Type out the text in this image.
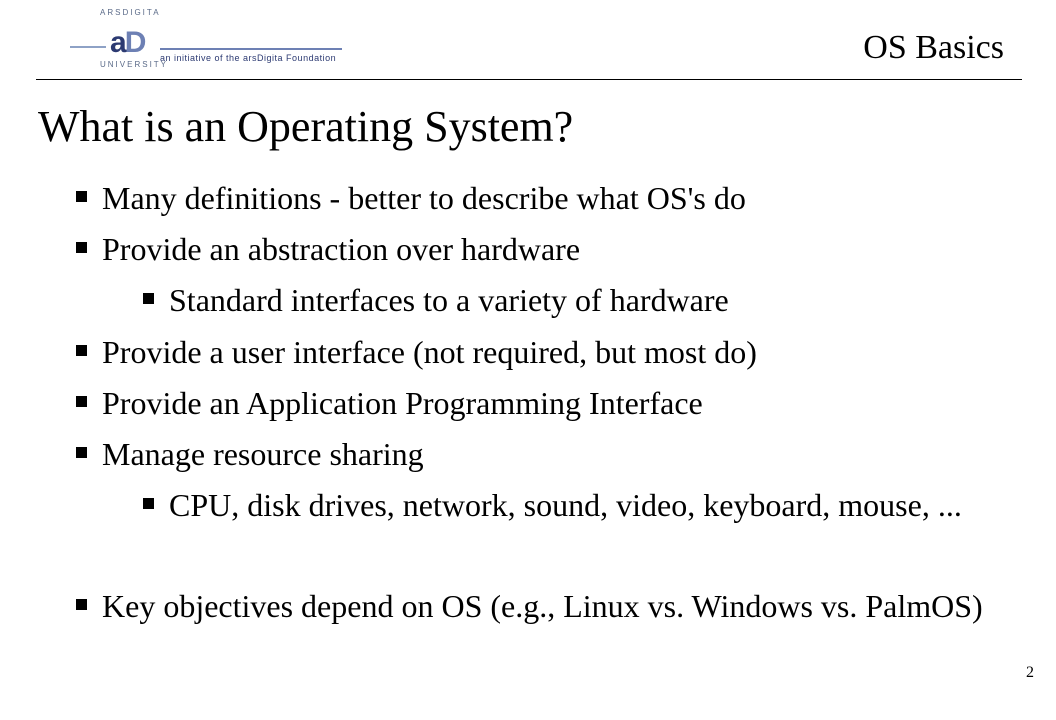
ARSDIGITA
aD an initiative of the arsDigita Foundation
UNIVERSITY	OS Basics
What is an Operating System?
Many definitions - better to describe what OS's do
Provide an abstraction over hardware
Standard interfaces to a variety of hardware
Provide a user interface (not required, but most do)
Provide an Application Programming Interface
Manage resource sharing
CPU, disk drives, network, sound, video, keyboard, mouse, ...
Key objectives depend on OS (e.g., Linux vs. Windows vs. PalmOS)
2
